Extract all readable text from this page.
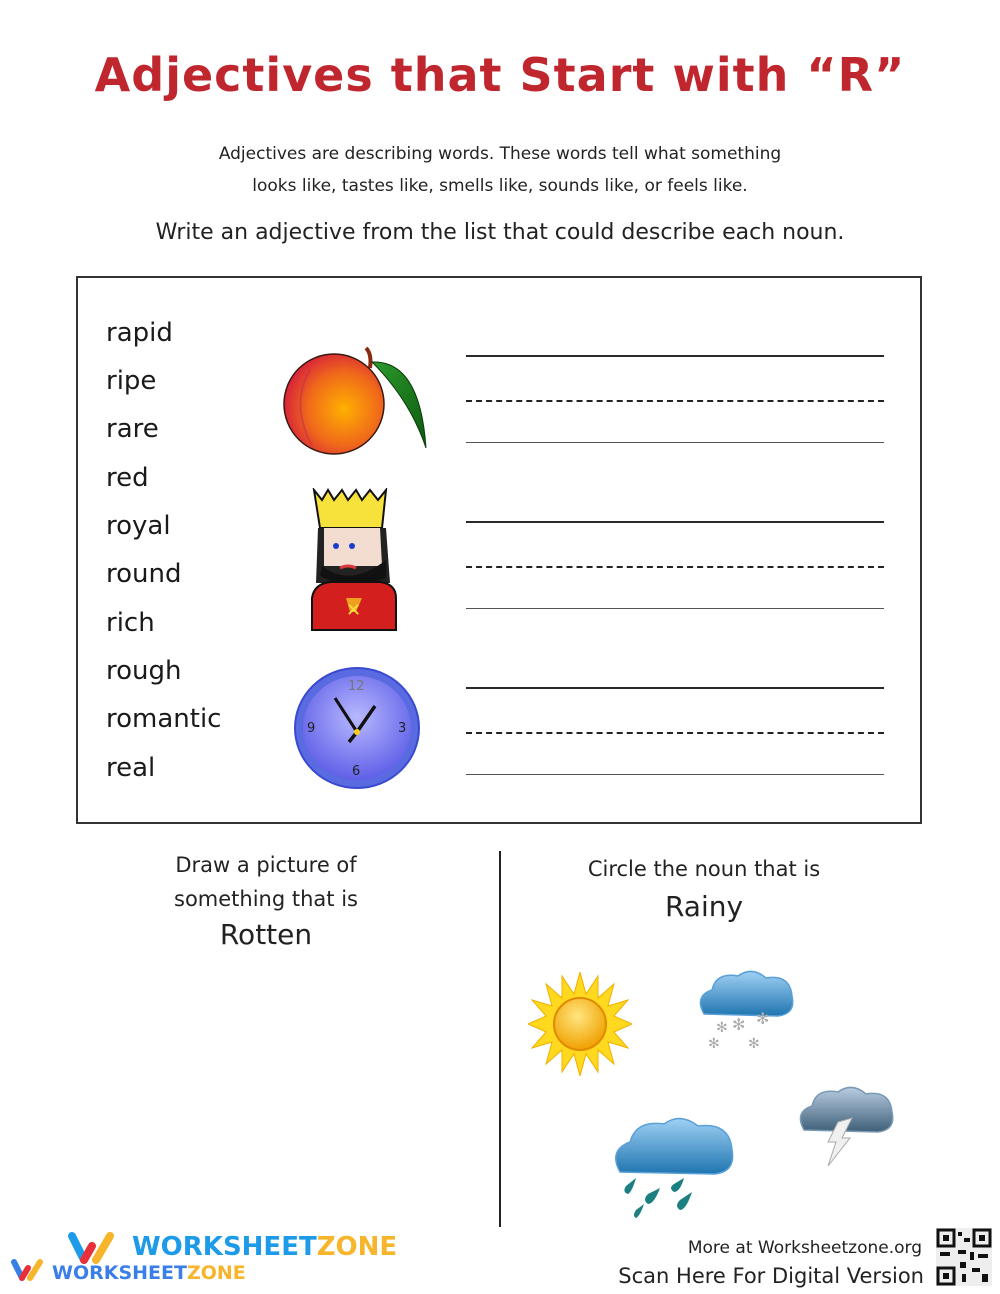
Adjectives that Start with “R”
Adjectives are describing words. These words tell what something
looks like, tastes like, smells like, sounds like, or feels like.
Write an adjective from the list that could describe each noun.
rapid
ripe
rare
red
royal
round
rich
rough
romantic
real
✕
12
3
6
9
Draw a picture of
something that is
Rotten
Circle the noun that is
Rainy
✻ ✻ ✻
✻ ✻
WORKSHEETZONE
WORKSHEETZONE
More at Worksheetzone.org
Scan Here For Digital Version
